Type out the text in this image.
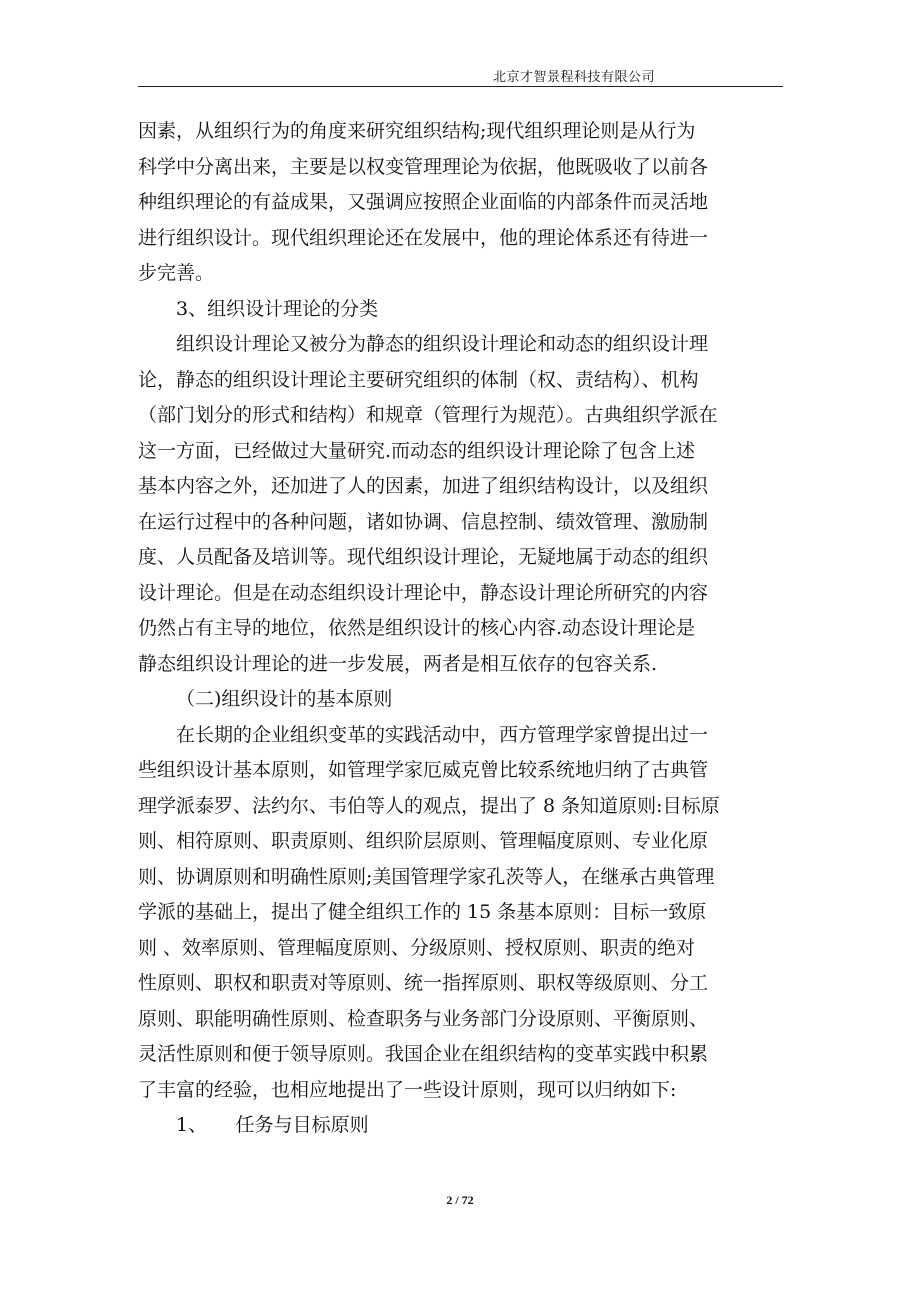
北京才智景程科技有限公司
因素，从组织行为的角度来研究组织结构;现代组织理论则是从行为
科学中分离出来，主要是以权变管理理论为依据，他既吸收了以前各
种组织理论的有益成果，又强调应按照企业面临的内部条件而灵活地
进行组织设计。现代组织理论还在发展中，他的理论体系还有待进一
步完善。
3、组织设计理论的分类
组织设计理论又被分为静态的组织设计理论和动态的组织设计理
论，静态的组织设计理论主要研究组织的体制（权、责结构）、机构
（部门划分的形式和结构）和规章（管理行为规范）。古典组织学派在
这一方面，已经做过大量研究.而动态的组织设计理论除了包含上述
基本内容之外，还加进了人的因素，加进了组织结构设计，以及组织
在运行过程中的各种问题，诸如协调、信息控制、绩效管理、激励制
度、人员配备及培训等。现代组织设计理论，无疑地属于动态的组织
设计理论。但是在动态组织设计理论中，静态设计理论所研究的内容
仍然占有主导的地位，依然是组织设计的核心内容.动态设计理论是
静态组织设计理论的进一步发展，两者是相互依存的包容关系.
（二)组织设计的基本原则
在长期的企业组织变革的实践活动中，西方管理学家曾提出过一
些组织设计基本原则，如管理学家厄威克曾比较系统地归纳了古典管
理学派泰罗、法约尔、韦伯等人的观点，提出了 8 条知道原则:目标原
则、相符原则、职责原则、组织阶层原则、管理幅度原则、专业化原
则、协调原则和明确性原则;美国管理学家孔茨等人，在继承古典管理
学派的基础上，提出了健全组织工作的 15 条基本原则：目标一致原
则 、效率原则、管理幅度原则、分级原则、授权原则、职责的绝对
性原则、职权和职责对等原则、统一指挥原则、职权等级原则、分工
原则、职能明确性原则、检查职务与业务部门分设原则、平衡原则、
灵活性原则和便于领导原则。我国企业在组织结构的变革实践中积累
了丰富的经验，也相应地提出了一些设计原则，现可以归纳如下:
1、　　任务与目标原则
2 / 72
